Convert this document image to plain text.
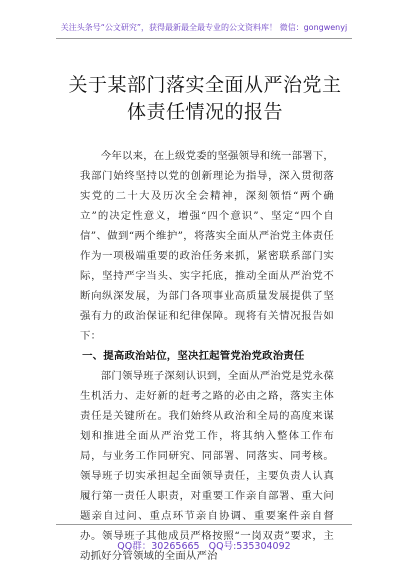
关注头条号“公文研究”，获得最新最全最专业的公文资料库！ 微信：gongwenyj
关于某部门落实全面从严治党主体责任情况的报告

今年以来，在上级党委的坚强领导和统一部署下，我部门始终坚持以党的创新理论为指导，深入贯彻落实党的二十大及历次全会精神，深刻领悟“两个确立”的决定性意义，增强“四个意识”、坚定“四个自信”、做到“两个维护”，将落实全面从严治党主体责任作为一项极端重要的政治任务来抓，紧密联系部门实际，坚持严字当头、实字托底，推动全面从严治党不断向纵深发展，为部门各项事业高质量发展提供了坚强有力的政治保证和纪律保障。现将有关情况报告如下：

一、提高政治站位，坚决扛起管党治党政治责任

部门领导班子深刻认识到，全面从严治党是党永葆生机活力、走好新的赶考之路的必由之路，落实主体责任是关键所在。我们始终从政治和全局的高度来谋划和推进全面从严治党工作，将其纳入整体工作布局，与业务工作同研究、同部署、同落实、同考核。领导班子切实承担起全面领导责任，主要负责人认真履行第一责任人职责，对重要工作亲自部署、重大问题亲自过问、重点环节亲自协调、重要案件亲自督办。领导班子其他成员严格按照“一岗双责”要求，主动抓好分管领域的全面从严治

QQ群：30265665 QQ号:535304092
